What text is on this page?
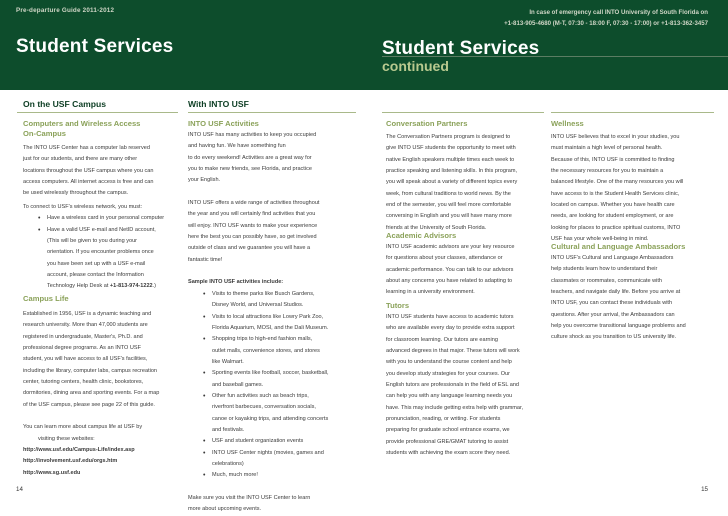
Pre-departure Guide 2011-2012	In case of emergency call INTO University of South Florida on
+1-813-905-4680 (M-T, 07:30 - 18:00 F, 07:30 - 17:00) or +1-813-362-3457
Student Services	Student Services
continued
On the USF Campus
Computers and Wireless Access
On-Campus

The INTO USF Center has a computer lab reserved

just for our students, and there are many other

locations throughout the USF campus where you can

access computers. All internet access is free and can

be used wirelessly throughout the campus.

To connect to USF's wireless network, you must:

• Have a wireless card in your personal computer

• Have a valid USF e-mail and NetID account,

(This will be given to you during your

orientation. If you encounter problems once

you have been set up with a USF e-mail

account, please contact the Information

Technology Help Desk at +1-813-974-1222.)

Campus Life

Established in 1956, USF is a dynamic teaching and

research university. More than 47,000 students are

registered in undergraduate, Master's, Ph.D. and

professional degree programs. As an INTO USF

student, you will have access to all USF's facilities,

including the library, computer labs, campus recreation

center, tutoring centers, health clinic, bookstores,

dormitories, dining area and sporting events. For a map

of the USF campus, please see page 22 of this guide.

You can learn more about campus life at USF by

visiting these websites:

http://www.usf.edu/Campus-Life/index.asp

http://involvement.usf.edu/orgs.htm

http://www.sg.usf.edu

With INTO USF
INTO USF Activities

INTO USF has many activities to keep you occupied

and having fun. We have something fun

to do every weekend! Activities are a great way for

you to make new friends, see Florida, and practice

your English.

INTO USF offers a wide range of activities throughout

the year and you will certainly find activities that you

will enjoy. INTO USF wants to make your experience

here the best you can possibly have, so get involved

outside of class and we guarantee you will have a

fantastic time!

Sample INTO USF activities include:

• Visits to theme parks like Busch Gardens,

Disney World, and Universal Studios.

• Visits to local attractions like Lowry Park Zoo,

Florida Aquarium, MOSI, and the Dali Museum.

• Shopping trips to high-end fashion malls,

outlet malls, convenience stores, and stores

like Walmart.

• Sporting events like football, soccer, basketball,

and baseball games.

• Other fun activities such as beach trips,

riverfront barbecues, conversation socials,

canoe or kayaking trips, and attending concerts

and festivals.

• USF and student organization events

• INTO USF Center nights (movies, games and

celebrations)

• Much, much more!

Make sure you visit the INTO USF Center to learn

more about upcoming events.

Conversation Partners

The Conversation Partners program is designed to

give INTO USF students the opportunity to meet with

native English speakers multiple times each week to

practice speaking and listening skills. In this program,

you will speak about a variety of different topics every

week, from cultural traditions to world news. By the

end of the semester, you will feel more comfortable

conversing in English and you will have many more

friends at the University of South Florida.

Academic Advisors

INTO USF academic advisors are your key resource

for questions about your classes, attendance or

academic performance. You can talk to our advisors

about any concerns you have related to adapting to

learning in a university environment.

Tutors

INTO USF students have access to academic tutors

who are available every day to provide extra support

for classroom learning. Our tutors are earning

advanced degrees in that major. These tutors will work

with you to understand the course content and help

you develop study strategies for your courses. Our

English tutors are professionals in the field of ESL and

can help you with any language learning needs you

have. This may include getting extra help with grammar,

pronunciation, reading, or writing. For students

preparing for graduate school entrance exams, we

provide professional GRE/GMAT tutoring to assist

students with achieving the exam score they need.

Wellness

INTO USF believes that to excel in your studies, you

must maintain a high level of personal health.

Because of this, INTO USF is committed to finding

the necessary resources for you to maintain a

balanced lifestyle. One of the many resources you will

have access to is the Student Health Services clinic,

located on campus. Whether you have health care

needs, are looking for student employment, or are

looking for places to practice spiritual customs, INTO

USF has your whole well-being in mind.

Cultural and Language Ambassadors

INTO USF's Cultural and Language Ambassadors

help students learn how to understand their

classmates or roommates, communicate with

teachers, and navigate daily life. Before you arrive at

INTO USF, you can contact these individuals with

questions. After your arrival, the Ambassadors can

help you overcome transitional language problems and

culture shock as you transition to US university life.

14	15
